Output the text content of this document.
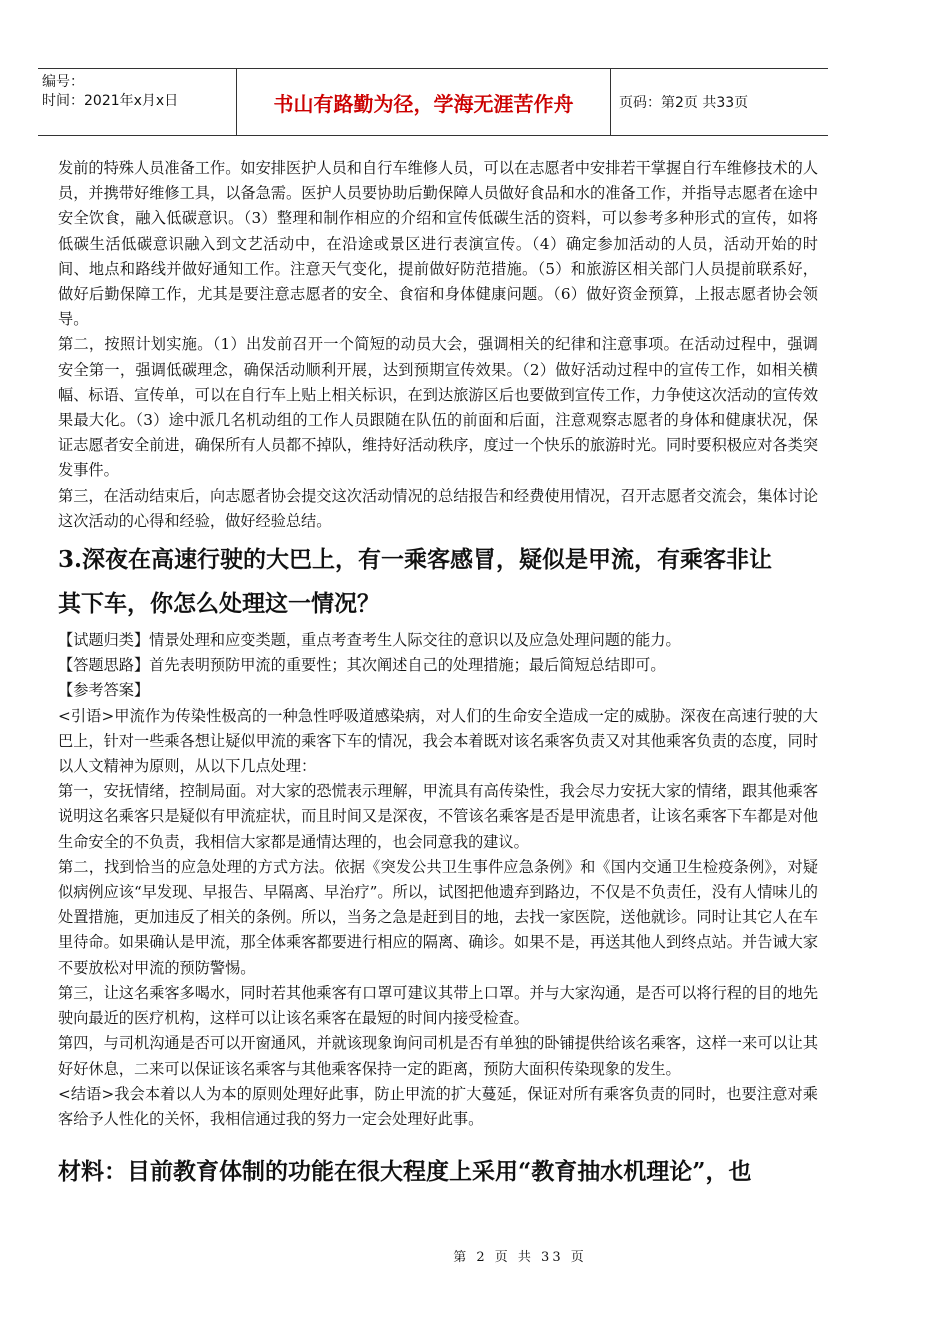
编号：
时间：2021年x月x日	书山有路勤为径，学海无涯苦作舟	页码：第2页 共33页

发前的特殊人员准备工作。如安排医护人员和自行车维修人员，可以在志愿者中安排若干掌握自行车维修技术的人员，并携带好维修工具，以备急需。医护人员要协助后勤保障人员做好食品和水的准备工作，并指导志愿者在途中安全饮食，融入低碳意识。（3）整理和制作相应的介绍和宣传低碳生活的资料，可以参考多种形式的宣传，如将低碳生活低碳意识融入到文艺活动中，在沿途或景区进行表演宣传。（4）确定参加活动的人员，活动开始的时间、地点和路线并做好通知工作。注意天气变化，提前做好防范措施。（5）和旅游区相关部门人员提前联系好，做好后勤保障工作，尤其是要注意志愿者的安全、食宿和身体健康问题。（6）做好资金预算，上报志愿者协会领导。

第二，按照计划实施。（1）出发前召开一个简短的动员大会，强调相关的纪律和注意事项。在活动过程中，强调安全第一，强调低碳理念，确保活动顺利开展，达到预期宣传效果。（2）做好活动过程中的宣传工作，如相关横幅、标语、宣传单，可以在自行车上贴上相关标识，在到达旅游区后也要做到宣传工作，力争使这次活动的宣传效果最大化。（3）途中派几名机动组的工作人员跟随在队伍的前面和后面，注意观察志愿者的身体和健康状况，保证志愿者安全前进，确保所有人员都不掉队，维持好活动秩序，度过一个快乐的旅游时光。同时要积极应对各类突发事件。

第三，在活动结束后，向志愿者协会提交这次活动情况的总结报告和经费使用情况，召开志愿者交流会，集体讨论这次活动的心得和经验，做好经验总结。

3.深夜在高速行驶的大巴上，有一乘客感冒，疑似是甲流，有乘客非让
其下车，你怎么处理这一情况？

【试题归类】情景处理和应变类题，重点考查考生人际交往的意识以及应急处理问题的能力。

【答题思路】首先表明预防甲流的重要性；其次阐述自己的处理措施；最后简短总结即可。

【参考答案】

<引语>甲流作为传染性极高的一种急性呼吸道感染病，对人们的生命安全造成一定的威胁。深夜在高速行驶的大巴上，针对一些乘各想让疑似甲流的乘客下车的情况，我会本着既对该名乘客负责又对其他乘客负责的态度，同时以人文精神为原则，从以下几点处理：

第一，安抚情绪，控制局面。对大家的恐慌表示理解，甲流具有高传染性，我会尽力安抚大家的情绪，跟其他乘客说明这名乘客只是疑似有甲流症状，而且时间又是深夜，不管该名乘客是否是甲流患者，让该名乘客下车都是对他生命安全的不负责，我相信大家都是通情达理的，也会同意我的建议。

第二，找到恰当的应急处理的方式方法。依据《突发公共卫生事件应急条例》和《国内交通卫生检疫条例》，对疑似病例应该“早发现、早报告、早隔离、早治疗”。所以，试图把他遗弃到路边，不仅是不负责任，没有人情味儿的处置措施，更加违反了相关的条例。所以，当务之急是赶到目的地，去找一家医院，送他就诊。同时让其它人在车里待命。如果确认是甲流，那全体乘客都要进行相应的隔离、确诊。如果不是，再送其他人到终点站。并告诫大家不要放松对甲流的预防警惕。

第三，让这名乘客多喝水，同时若其他乘客有口罩可建议其带上口罩。并与大家沟通，是否可以将行程的目的地先驶向最近的医疗机构，这样可以让该名乘客在最短的时间内接受检查。

第四，与司机沟通是否可以开窗通风，并就该现象询问司机是否有单独的卧铺提供给该名乘客，这样一来可以让其好好休息，二来可以保证该名乘客与其他乘客保持一定的距离，预防大面积传染现象的发生。

<结语>我会本着以人为本的原则处理好此事，防止甲流的扩大蔓延，保证对所有乘客负责的同时，也要注意对乘客给予人性化的关怀，我相信通过我的努力一定会处理好此事。

材料：目前教育体制的功能在很大程度上采用“教育抽水机理论”，也

第 2 页 共 33 页
